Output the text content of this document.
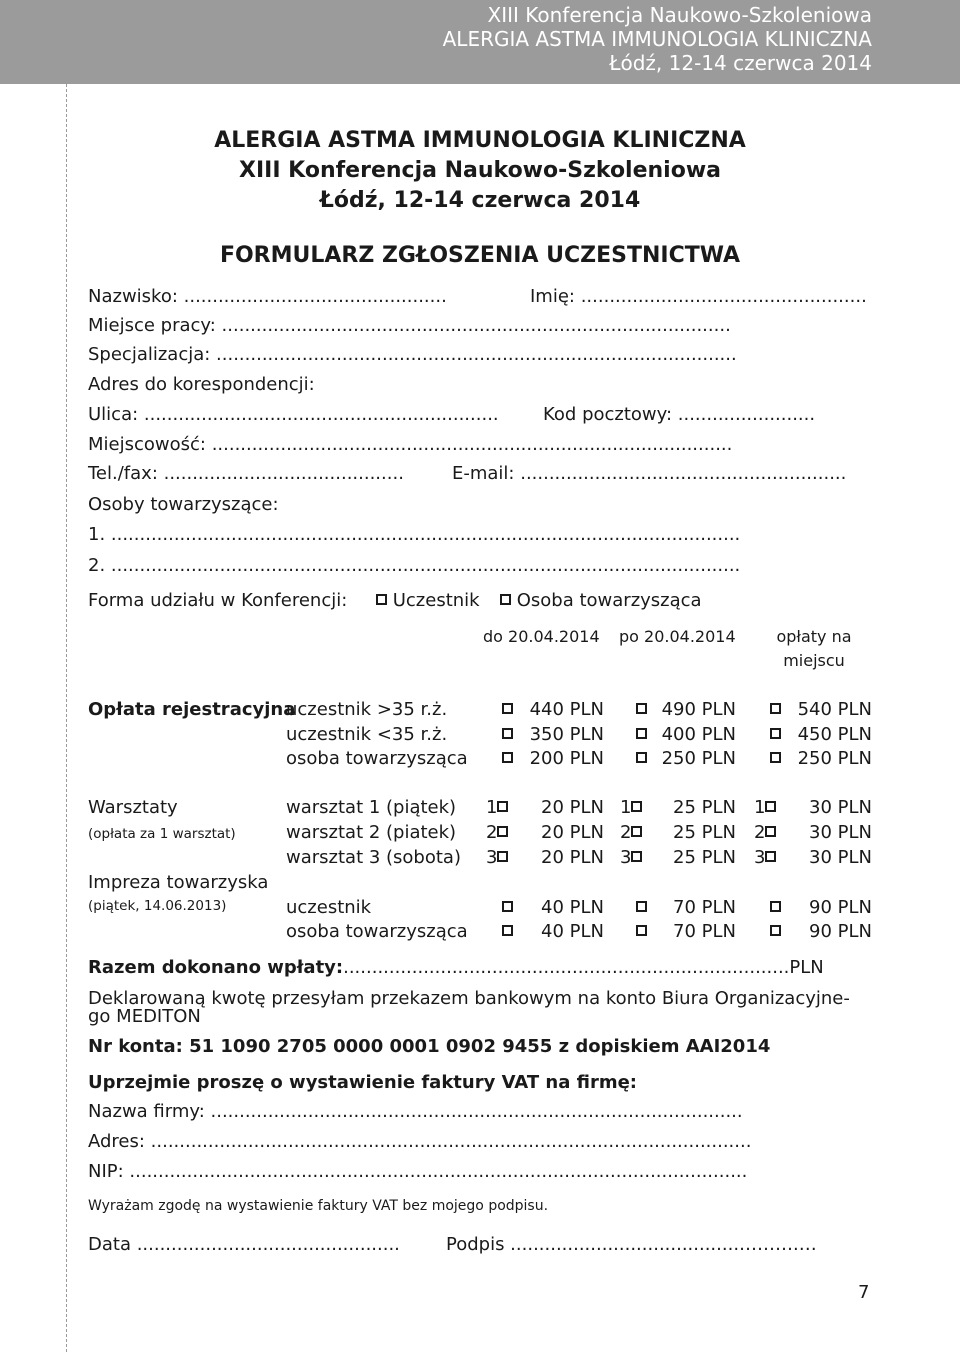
XIII Konferencja Naukowo-Szkoleniowa
ALERGIA ASTMA IMMUNOLOGIA KLINICZNA
Łódź, 12-14 czerwca 2014
ALERGIA ASTMA IMMUNOLOGIA KLINICZNA
XIII Konferencja Naukowo-Szkoleniowa
Łódź, 12-14 czerwca 2014
FORMULARZ ZGŁOSZENIA UCZESTNICTWA
Nazwisko: ..............................................	Imię: ..................................................
Miejsce pracy: .........................................................................................
Specjalizacja: ...........................................................................................
Adres do korespondencji:
Ulica: .............................................................. Kod pocztowy: ........................
Miejscowość: ...........................................................................................
Tel./fax: ..........................................	E-mail: .........................................................
Osoby towarzyszące:
1. ..............................................................................................................
2. ..............................................................................................................
Forma udziału w Konferencji:	Uczestnik	Osoba towarzysząca
do 20.04.2014 po 20.04.2014	opłaty na
miejscu
Opłata rejestracyjna
uczestnik >35 r.ż.	440 PLN	490 PLN	540 PLN
uczestnik <35 r.ż.	350 PLN	400 PLN	450 PLN
osoba towarzysząca	200 PLN	250 PLN	250 PLN
Warsztaty
(opłata za 1 warsztat)
warsztat 1 (piątek) 1	20 PLN 1	25 PLN 1	30 PLN
warsztat 2 (piatek) 2	20 PLN 2	25 PLN 2	30 PLN
warsztat 3 (sobota) 3	20 PLN 3	25 PLN 3	30 PLN
Impreza towarzyska
(piątek, 14.06.2013)	uczestnik	40 PLN	70 PLN	90 PLN
osoba towarzysząca	40 PLN	70 PLN	90 PLN
Razem dokonano wpłaty:..............................................................................PLN
Deklarowaną kwotę przesyłam przekazem bankowym na konto Biura Organizacyjne-
go MEDITON
Nr konta: 51 1090 2705 0000 0001 0902 9455 z dopiskiem AAI2014
Uprzejmie proszę o wystawienie faktury VAT na firmę:
Nazwa firmy: .............................................................................................
Adres: .........................................................................................................
NIP: ............................................................................................................
Wyrażam zgodę na wystawienie faktury VAT bez mojego podpisu.
Data ..............................................	Podpis ........................................……….…
7
